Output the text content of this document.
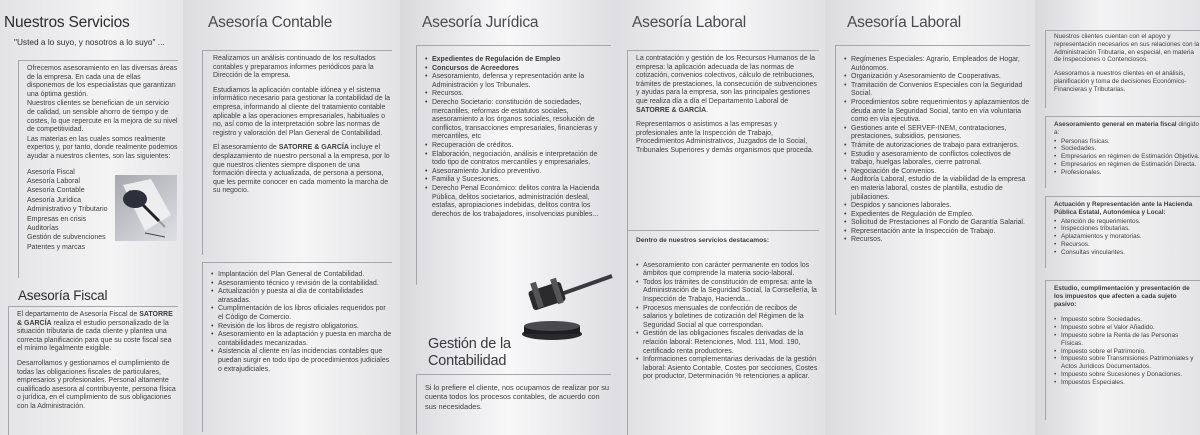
Nuestros Servicios
"Usted a lo suyo, y nosotros a lo suyo" ...

Ofrecemos asesoramiento en las diversas áreas de la empresa. En cada una de ellas disponemos de los especialistas que garantizan una óptima gestión.

Nuestros clientes se benefician de un servicio de calidad, un sensible ahorro de tiempo y de costes, lo que repercute en la mejora de su nivel de competitividad.

Las materias en las cuales somos realmente expertos y, por tanto, donde realmente podemos ayudar a nuestros clientes, son las siguientes:

Asesoría Fiscal
Asesoría Laboral
Asesoría Contable
Asesoría Jurídica
Administrativo y Tributario
Empresas en crisis
Auditorías
Gestión de subvenciones
Patentes y marcas
Asesoría Fiscal

El departamento de Asesoría Fiscal de SATORRE & GARCÍA realiza el estudio personalizado de la situación tributaria de cada cliente y plantea una correcta planificación para que su coste fiscal sea el mínimo legalmente exigible.

Desarrollamos y gestionamos el cumplimiento de todas las obligaciones fiscales de particulares, empresarios y profesionales. Personal altamente cualificado asesora al contribuyente, persona física o jurídica, en el cumplimiento de sus obligaciones con la Administración.

Asesoría Contable

Realizamos un análisis continuado de los resultados contables y preparamos informes periódicos para la Dirección de la empresa.

Estudiamos la aplicación contable idónea y el sistema informático necesario para gestionar la contabilidad de la empresa, informando al cliente del tratamiento contable aplicable a las operaciones empresariales, habituales o no, así como de la interpretación sobre las normas de registro y valoración del Plan General de Contabilidad.

El asesoramiento de SATORRE & GARCÍA incluye el desplazamiento de nuestro personal a la empresa, por lo que nuestros clientes siempre disponen de una formación directa y actualizada, de persona a persona, que les permite conocer en cada momento la marcha de su negocio.

• Implantación del Plan General de Contabilidad.
• Asesoramiento técnico y revisión de la contabilidad.
• Actualización y puesta al día de contabilidades atrasadas.
• Cumplimentación de los libros oficiales requeridos por el Código de Comercio.
• Revisión de los libros de registro obligatorios.
• Asesoramiento en la adaptación y puesta en marcha de contabilidades mecanizadas.
• Asistencia al cliente en las incidencias contables que puedan surgir en todo tipo de procedimientos judiciales o extrajudiciales.
Asesoría Jurídica
• Expedientes de Regulación de Empleo
• Concursos de Acreedores
• Asesoramiento, defensa y representación ante la Administración y los Tribunales.
• Recursos.
• Derecho Societario: constitución de sociedades, mercantiles, reformas de estatutos sociales, asesoramiento a los órganos sociales, resolución de conflictos, transacciones empresariales, financieras y mercantiles, etc
• Recuperación de créditos.
• Elaboración, negociación, análisis e interpretación de todo tipo de contratos mercantiles y empresariales.
• Asesoramiento Jurídico preventivo.
• Familia y Sucesiones.
• Derecho Penal Económico: delitos contra la Hacienda Pública, delitos societarios, administración desleal, estafas, apropiaciones indebidas, delitos contra los derechos de los trabajadores, insolvencias punibles...
Gestión de la Contabilidad

Si lo prefiere el cliente, nos ocupamos de realizar por su cuenta todos los procesos contables, de acuerdo con sus necesidades.

Asesoría Laboral

La contratación y gestión de los Recursos Humanos de la empresa: la aplicación adecuada de las normas de cotización, convenios colectivos, cálculo de retribuciones, trámites de prestaciones, la consecución de subvenciones y ayudas para la empresa, son las principales gestiones que realiza día a día el Departamento Laboral de SATORRE & GARCÍA.

Representamos o asistimos a las empresas y profesionales ante la Inspección de Trabajo, Procedimientos Administrativos, Juzgados de lo Social, Tribunales Superiores y demás organismos que proceda.

Dentro de nuestros servicios destacamos:

• Asesoramiento con carácter permanente en todos los ámbitos que comprende la materia socio-laboral.
• Todos los trámites de constitución de empresa: ante la Administración de la Seguridad Social, la Consellería, la Inspección de Trabajo, Hacienda...
• Procesos mensuales de confección de recibos de salarios y boletines de cotización del Régimen de la Seguridad Social al que correspondan.
• Gestión de las obligaciones fiscales derivadas de la relación laboral: Retenciones, Mod. 111, Mod. 190, certificado renta productores.
• Informaciones complementarias derivadas de la gestión laboral: Asiento Contable, Costes por secciones, Costes por productor, Determinación % retenciones a aplicar.
Asesoría Laboral
• Regímenes Especiales: Agrario, Empleados de Hogar, Autónomos.
• Organización y Asesoramiento de Cooperativas.
• Tramitación de Convenios Especiales con la Seguridad Social.
• Procedimientos sobre requerimientos y aplazamientos de deuda ante la Seguridad Social, tanto en vía voluntaria como en vía ejecutiva.
• Gestiones ante el SERVEF-INEM, contrataciones, prestaciones, subsidios, pensiones.
• Trámite de autorizaciones de trabajo para extranjeros.
• Estudio y asesoramiento de conflictos colectivos de trabajo, huelgas laborales, cierre patronal.
• Negociación de Convenios.
• Auditoría Laboral, estudio de la viabilidad de la empresa en materia laboral, costes de plantilla, estudio de jubilaciones.
• Despidos y sanciones laborales.
• Expedientes de Regulación de Empleo.
• Solicitud de Prestaciones al Fondo de Garantía Salarial.
• Representación ante la Inspección de Trabajo.
• Recursos.

Nuestros clientes cuentan con el apoyo y representación necesarios en sus relaciones con la Administración Tributaria, en especial, en materia de Inspecciones o Contenciosos.

Asesoramos a nuestros clientes en el análisis, planificación y toma de decisiones Económico-Financieras y Tributarias.

Asesoramiento general en materia fiscal dirigido a:

• Personas físicas.
• Sociedades.
• Empresarios en régimen de Estimación Objetiva.
• Empresarios en régimen de Estimación Directa.
• Profesionales.

Actuación y Representación ante la Hacienda Pública Estatal, Autonómica y Local:

• Atención de requerimientos.
• Inspecciones tributarias.
• Aplazamientos y moratorias.
• Recursos.
• Consultas vinculantes.

Estudio, cumplimentación y presentación de los impuestos que afecten a cada sujeto pasivo:

• Impuesto sobre Sociedades.
• Impuesto sobre el Valor Añadido.
• Impuesto sobre la Renta de las Personas Físicas.
• Impuesto sobre el Patrimonio.
• Impuesto sobre Transmisiones Patrimoniales y Actos Jurídicos Documentados.
• Impuesto sobre Sucesiones y Donaciones.
• Impuestos Especiales.
